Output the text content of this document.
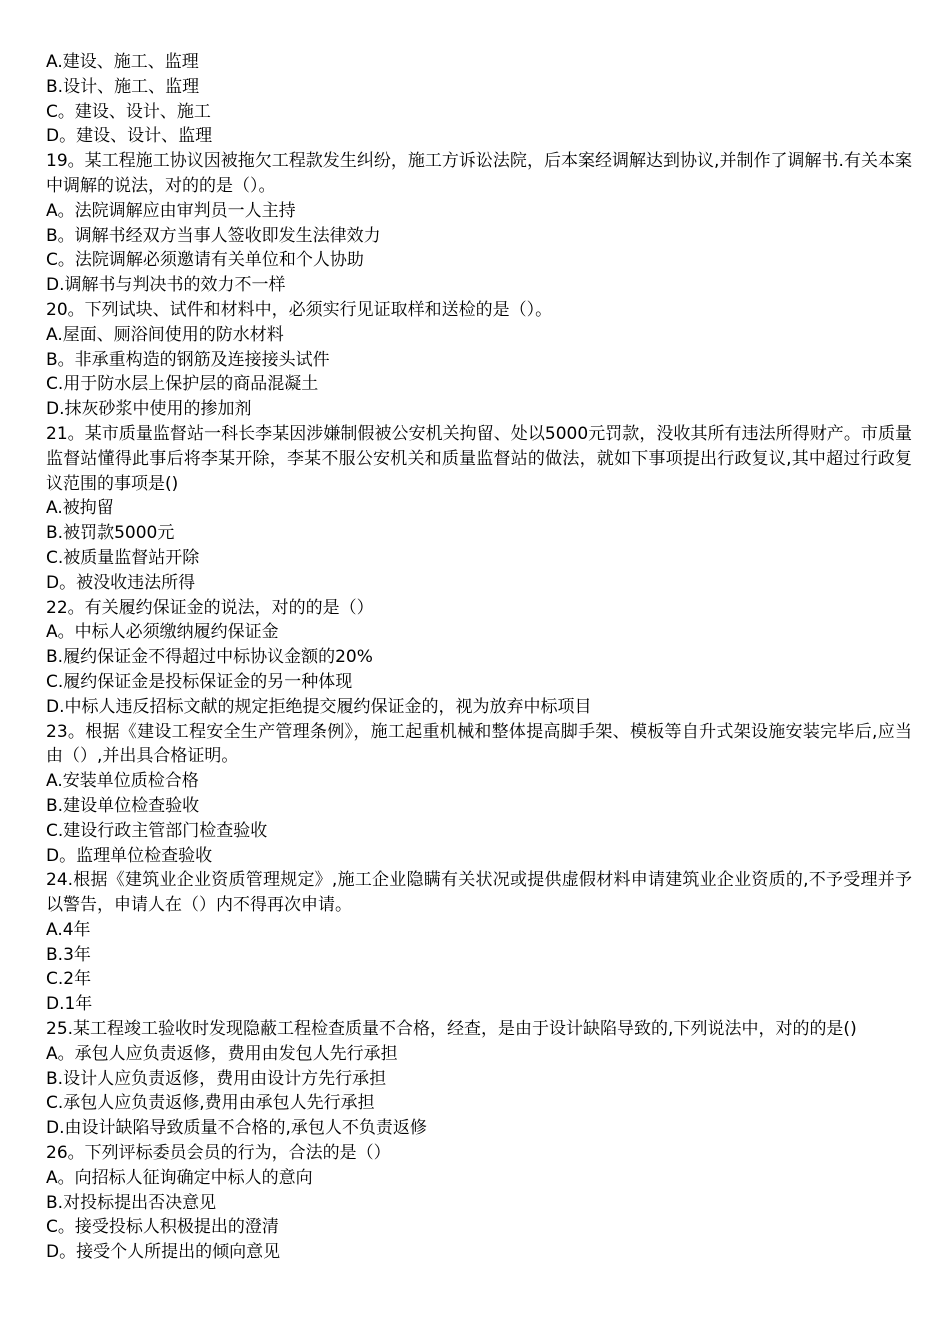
A.建设、施工、监理
B.设计、施工、监理
C。建设、设计、施工
D。建设、设计、监理
19。某工程施工协议因被拖欠工程款发生纠纷，施工方诉讼法院，后本案经调解达到协议,并制作了调解书.有关本案中调解的说法，对的的是（）。
A。法院调解应由审判员一人主持
B。调解书经双方当事人签收即发生法律效力
C。法院调解必须邀请有关单位和个人协助
D.调解书与判决书的效力不一样
20。下列试块、试件和材料中，必须实行见证取样和送检的是（）。
A.屋面、厕浴间使用的防水材料
B。非承重构造的钢筋及连接接头试件
C.用于防水层上保护层的商品混凝土
D.抹灰砂浆中使用的掺加剂
21。某市质量监督站一科长李某因涉嫌制假被公安机关拘留、处以5000元罚款，没收其所有违法所得财产。市质量监督站懂得此事后将李某开除，李某不服公安机关和质量监督站的做法，就如下事项提出行政复议,其中超过行政复议范围的事项是()
A.被拘留
B.被罚款5000元
C.被质量监督站开除
D。被没收违法所得
22。有关履约保证金的说法，对的的是（）
A。中标人必须缴纳履约保证金
B.履约保证金不得超过中标协议金额的20%
C.履约保证金是投标保证金的另一种体现
D.中标人违反招标文献的规定拒绝提交履约保证金的，视为放弃中标项目
23。根据《建设工程安全生产管理条例》，施工起重机械和整体提高脚手架、模板等自升式架设施安装完毕后,应当由（）,并出具合格证明。
A.安装单位质检合格
B.建设单位检查验收
C.建设行政主管部门检查验收
D。监理单位检查验收
24.根据《建筑业企业资质管理规定》,施工企业隐瞒有关状况或提供虚假材料申请建筑业企业资质的,不予受理并予以警告，申请人在（）内不得再次申请。
A.4年
B.3年
C.2年
D.1年
25.某工程竣工验收时发现隐蔽工程检查质量不合格，经查，是由于设计缺陷导致的,下列说法中，对的的是()
A。承包人应负责返修，费用由发包人先行承担
B.设计人应负责返修，费用由设计方先行承担
C.承包人应负责返修,费用由承包人先行承担
D.由设计缺陷导致质量不合格的,承包人不负责返修
26。下列评标委员会员的行为，合法的是（）
A。向招标人征询确定中标人的意向
B.对投标提出否决意见
C。接受投标人积极提出的澄清
D。接受个人所提出的倾向意见
